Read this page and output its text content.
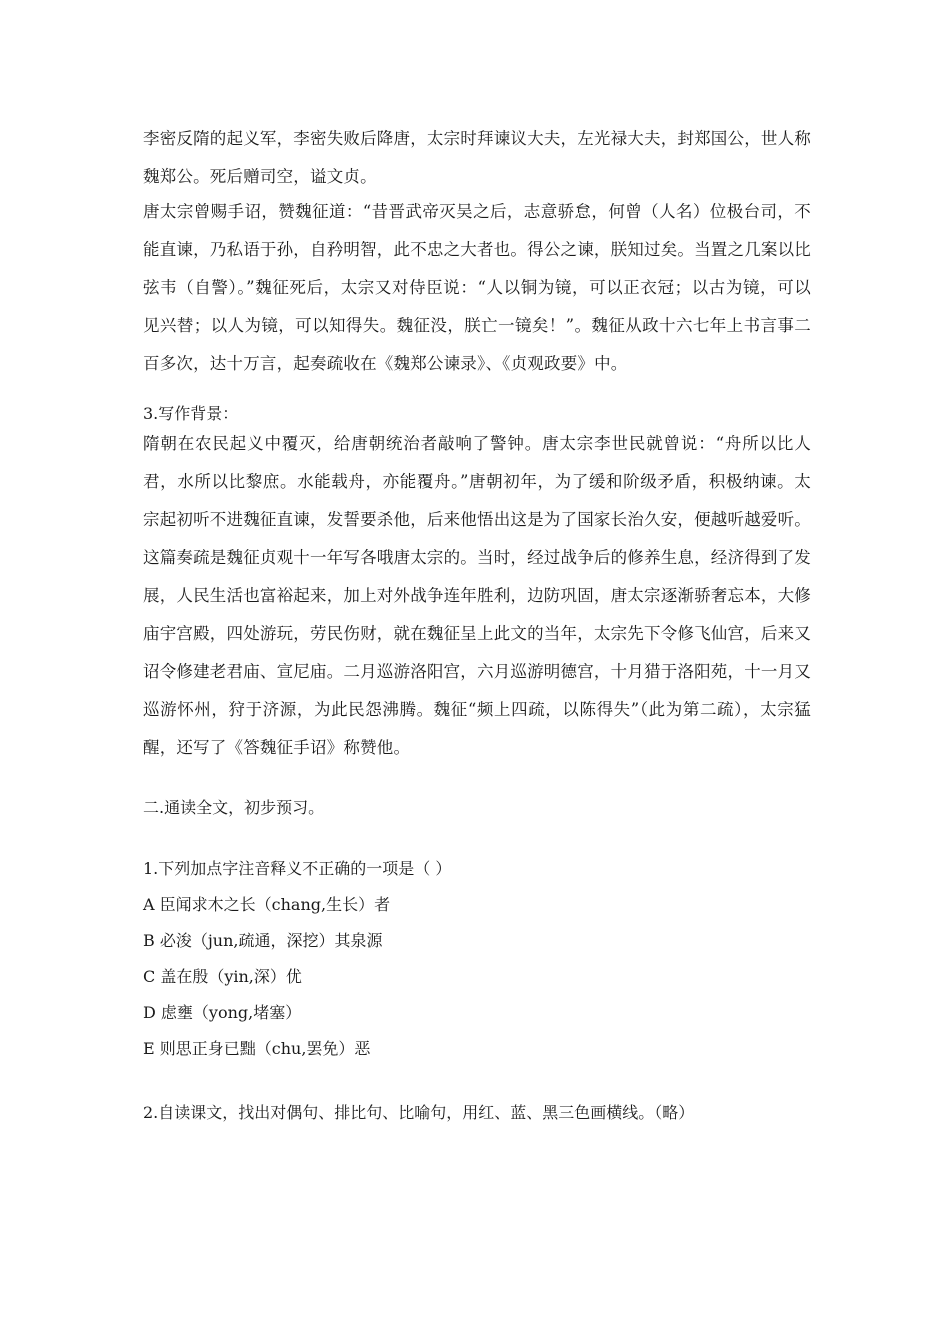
李密反隋的起义军，李密失败后降唐，太宗时拜谏议大夫，左光禄大夫，封郑国公，世人称魏郑公。死后赠司空，谥文贞。

唐太宗曾赐手诏，赞魏征道：“昔晋武帝灭吴之后，志意骄怠，何曾（人名）位极台司，不能直谏，乃私语于孙，自矜明智，此不忠之大者也。得公之谏，朕知过矣。当置之几案以比弦韦（自警）。”魏征死后，太宗又对侍臣说：“人以铜为镜，可以正衣冠；以古为镜，可以见兴替；以人为镜，可以知得失。魏征没，朕亡一镜矣！”。魏征从政十六七年上书言事二百多次，达十万言，起奏疏收在《魏郑公谏录》、《贞观政要》中。

3.写作背景：

隋朝在农民起义中覆灭，给唐朝统治者敲响了警钟。唐太宗李世民就曾说：“舟所以比人君，水所以比黎庶。水能载舟，亦能覆舟。”唐朝初年，为了缓和阶级矛盾，积极纳谏。太宗起初听不进魏征直谏，发誓要杀他，后来他悟出这是为了国家长治久安，便越听越爱听。这篇奏疏是魏征贞观十一年写各哦唐太宗的。当时，经过战争后的修养生息，经济得到了发展，人民生活也富裕起来，加上对外战争连年胜利，边防巩固，唐太宗逐渐骄奢忘本，大修庙宇宫殿，四处游玩，劳民伤财，就在魏征呈上此文的当年，太宗先下令修飞仙宫，后来又诏令修建老君庙、宣尼庙。二月巡游洛阳宫，六月巡游明德宫，十月猎于洛阳苑，十一月又巡游怀州，狩于济源，为此民怨沸腾。魏征“频上四疏，以陈得失”（此为第二疏），太宗猛醒，还写了《答魏征手诏》称赞他。

二.通读全文，初步预习。

1.下列加点字注音释义不正确的一项是（ ）

A 臣闻求木之长（chang,生长）者

B 必浚（jun,疏通，深挖）其泉源

C 盖在殷（yin,深）优

D 虑壅（yong,堵塞）

E 则思正身已黜（chu,罢免）恶

2.自读课文，找出对偶句、排比句、比喻句，用红、蓝、黑三色画横线。（略）
